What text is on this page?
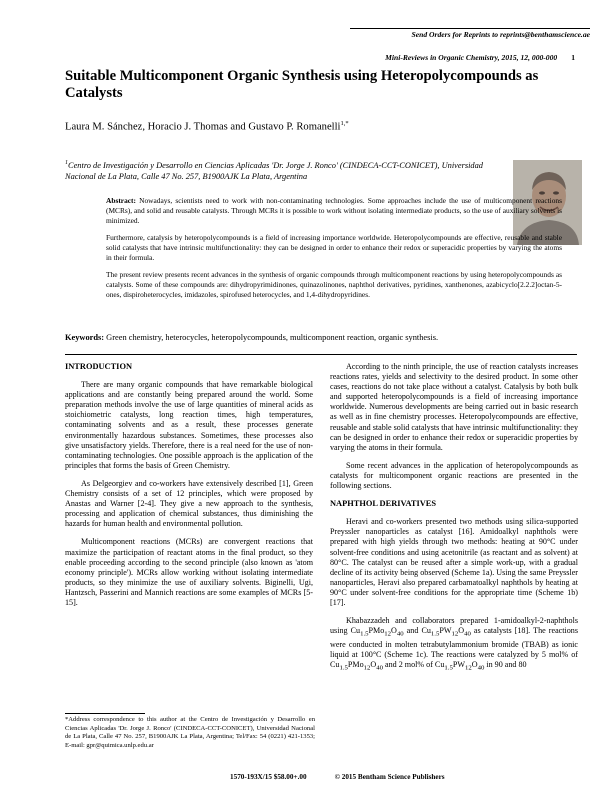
Send Orders for Reprints to reprints@benthamscience.ae
Mini-Reviews in Organic Chemistry, 2015, 12, 000-000 1
Suitable Multicomponent Organic Synthesis using Heteropolycompounds as Catalysts
Laura M. Sánchez, Horacio J. Thomas and Gustavo P. Romanelli$^{1,*}$
$^1$Centro de Investigación y Desarrollo en Ciencias Aplicadas 'Dr. Jorge J. Ronco' (CINDECA-CCT-CONICET), Universidad Nacional de La Plata, Calle 47 No. 257, B1900AJK La Plata, Argentina

Abstract: Nowadays, scientists need to work with non-contaminating technologies. Some approaches include the use of multicomponent reactions (MCRs), and solid and reusable catalysts. Through MCRs it is possible to work without isolating intermediate products, so the use of auxiliary solvents is minimized.

Furthermore, catalysis by heteropolycompounds is a field of increasing importance worldwide. Heteropolycompounds are effective, reusable and stable solid catalysts that have intrinsic multifunctionality: they can be designed in order to enhance their redox or superacidic properties by varying the atoms in their formula.

The present review presents recent advances in the synthesis of organic compounds through multicomponent reactions by using heteropolycompounds as catalysts. Some of these compounds are: dihydropyrimidinones, quinazolinones, naphthol derivatives, pyridines, xanthenones, azabicyclo[2.2.2]octan-5-ones, dispiroheterocycles, imidazoles, spirofused heterocycles, and 1,4-dihydropyridines.

Keywords: Green chemistry, heterocycles, heteropolycompounds, multicomponent reaction, organic synthesis.
INTRODUCTION

There are many organic compounds that have remarkable biological applications and are constantly being prepared around the world. Some preparation methods involve the use of large quantities of mineral acids as stoichiometric catalysts, long reaction times, high temperatures, contaminating solvents and as a result, these processes generate environmentally hazardous substances. Sometimes, these processes also give unsatisfactory yields. Therefore, there is a real need for the use of non-contaminating technologies. One possible approach is the application of the principles that forms the basis of Green Chemistry.

As Delgeorgiev and co-workers have extensively described [1], Green Chemistry consists of a set of 12 principles, which were proposed by Anastas and Warner [2-4]. They give a new approach to the synthesis, processing and application of chemical substances, thus diminishing the hazards for human health and environmental pollution.

Multicomponent reactions (MCRs) are convergent reactions that maximize the participation of reactant atoms in the final product, so they enable proceeding according to the second principle (also known as 'atom economy principle'). MCRs allow working without isolating intermediate products, so they minimize the use of auxiliary solvents. Biginelli, Ugi, Hantzsch, Passerini and Mannich reactions are some examples of MCRs [5-15].

According to the ninth principle, the use of reaction catalysts increases reactions rates, yields and selectivity to the desired product. In some other cases, reactions do not take place without a catalyst. Catalysis by both bulk and supported heteropolycompounds is a field of increasing importance worldwide. Numerous developments are being carried out in basic research as well as in fine chemistry processes. Heteropolycompounds are effective, reusable and stable solid catalysts that have intrinsic multifunctionality: they can be designed in order to enhance their redox or superacidic properties by varying the atoms in their formula.

Some recent advances in the application of heteropolycompounds as catalysts for multicomponent organic reactions are presented in the following sections.

NAPHTHOL DERIVATIVES

Heravi and co-workers presented two methods using silica-supported Preyssler nanoparticles as catalyst [16]. Amidoalkyl naphthols were prepared with high yields through two methods: heating at 90°C under solvent-free conditions and using acetonitrile (as reactant and as solvent) at 80°C. The catalyst can be reused after a simple work-up, with a gradual decline of its activity being observed (Scheme 1a). Using the same Preyssler nanoparticles, Heravi also prepared carbamatoalkyl naphthols by heating at 90°C under solvent-free conditions for the appropriate time (Scheme 1b) [17].

Khabazzadeh and collaborators prepared 1-amidoalkyl-2-naphthols using $Cu_{1.5}PMo_{12}O_{40}$ and $Cu_{1.5}PW_{12}O_{40}$ as catalysts [18]. The reactions were conducted in molten tetrabutylammonium bromide (TBAB) as ionic liquid at 100°C (Scheme 1c). The reactions were catalyzed by 5 mol% of $Cu_{1.5}PMo_{12}O_{40}$ and 2 mol% of $Cu_{1.5}PW_{12}O_{40}$ in 90 and 80

*Address correspondence to this author at the Centro de Investigación y Desarrollo en Ciencias Aplicadas 'Dr. Jorge J. Ronco' (CINDECA-CCT-CONICET), Universidad Nacional de La Plata, Calle 47 No. 257, B1900AJK La Plata, Argentina; Tel/Fax: 54 (0221) 421-1353; E-mail: gpr@quimica.unlp.edu.ar
1570-193X/15 $58.00+.00	© 2015 Bentham Science Publishers
